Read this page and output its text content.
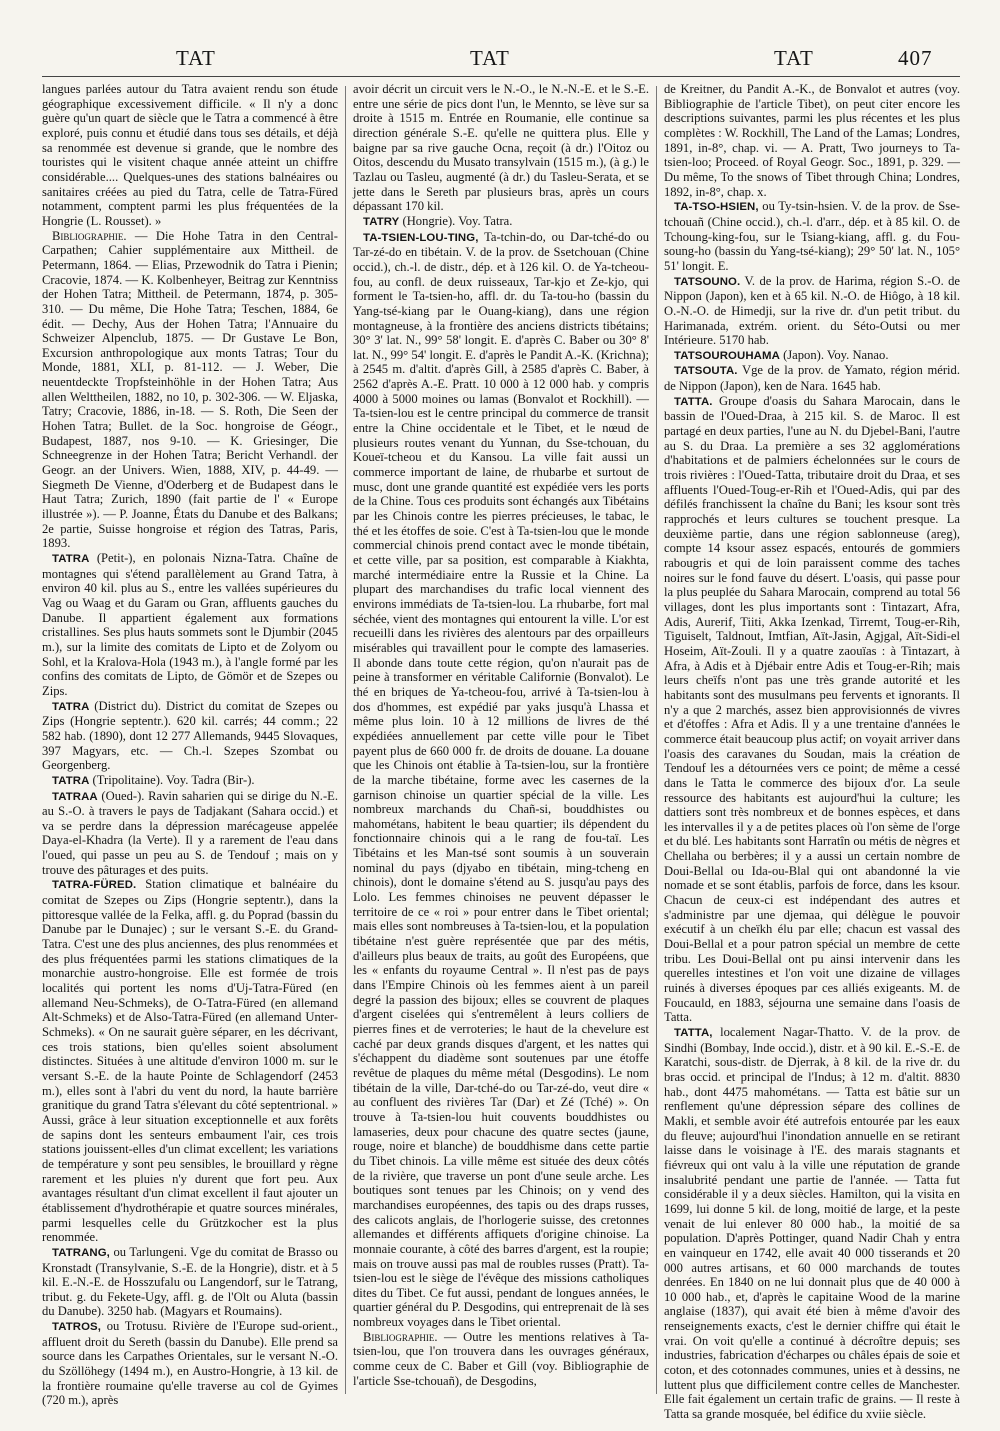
TAT	TAT	TAT	407

langues parlées autour du Tatra avaient rendu son étude géographique excessivement difficile. « Il n'y a donc guère qu'un quart de siècle que le Tatra a commencé à être exploré, puis connu et étudié dans tous ses détails, et déjà sa renommée est devenue si grande, que le nombre des touristes qui le visitent chaque année atteint un chiffre considérable.... Quelques-unes des stations balnéaires ou sanitaires créées au pied du Tatra, celle de Tatra-Füred notamment, comptent parmi les plus fréquentées de la Hongrie (L. Rousset). »

Bibliographie. — Die Hohe Tatra in den Central-Carpathen; Cahier supplémentaire aux Mittheil. de Petermann, 1864. — Elias, Przewodnik do Tatra i Pienin; Cracovie, 1874. — K. Kolbenheyer, Beitrag zur Kenntniss der Hohen Tatra; Mittheil. de Petermann, 1874, p. 305-310. — Du même, Die Hohe Tatra; Teschen, 1884, 6e édit. — Dechy, Aus der Hohen Tatra; l'Annuaire du Schweizer Alpenclub, 1875. — Dr Gustave Le Bon, Excursion anthropologique aux monts Tatras; Tour du Monde, 1881, XLI, p. 81-112. — J. Weber, Die neuentdeckte Tropfsteinhöhle in der Hohen Tatra; Aus allen Welttheilen, 1882, no 10, p. 302-306. — W. Eljaska, Tatry; Cracovie, 1886, in-18. — S. Roth, Die Seen der Hohen Tatra; Bullet. de la Soc. hongroise de Géogr., Budapest, 1887, nos 9-10. — K. Griesinger, Die Schneegrenze in der Hohen Tatra; Bericht Verhandl. der Geogr. an der Univers. Wien, 1888, XIV, p. 44-49. — Siegmeth De Vienne, d'Oderberg et de Budapest dans le Haut Tatra; Zurich, 1890 (fait partie de l' « Europe illustrée »). — P. Joanne, États du Danube et des Balkans; 2e partie, Suisse hongroise et région des Tatras, Paris, 1893.

TATRA (Petit-), en polonais Nizna-Tatra. Chaîne de montagnes qui s'étend parallèlement au Grand Tatra, à environ 40 kil. plus au S., entre les vallées supérieures du Vag ou Waag et du Garam ou Gran, affluents gauches du Danube. Il appartient également aux formations cristallines. Ses plus hauts sommets sont le Djumbir (2045 m.), sur la limite des comitats de Lipto et de Zolyom ou Sohl, et la Kralova-Hola (1943 m.), à l'angle formé par les confins des comitats de Lipto, de Gömör et de Szepes ou Zips.

TATRA (District du). District du comitat de Szepes ou Zips (Hongrie septentr.). 620 kil. carrés; 44 comm.; 22 582 hab. (1890), dont 12 277 Allemands, 9445 Slovaques, 397 Magyars, etc. — Ch.-l. Szepes Szombat ou Georgenberg.

TATRA (Tripolitaine). Voy. Tadra (Bir-).

TATRAA (Oued-). Ravin saharien qui se dirige du N.-E. au S.-O. à travers le pays de Tadjakant (Sahara occid.) et va se perdre dans la dépression marécageuse appelée Daya-el-Khadra (la Verte). Il y a rarement de l'eau dans l'oued, qui passe un peu au S. de Tendouf ; mais on y trouve des pâturages et des puits.

TATRA-FÜRED. Station climatique et balnéaire du comitat de Szepes ou Zips (Hongrie septentr.), dans la pittoresque vallée de la Felka, affl. g. du Poprad (bassin du Danube par le Dunajec) ; sur le versant S.-E. du Grand-Tatra. C'est une des plus anciennes, des plus renommées et des plus fréquentées parmi les stations climatiques de la monarchie austro-hongroise. Elle est formée de trois localités qui portent les noms d'Uj-Tatra-Füred (en allemand Neu-Schmeks), de O-Tatra-Füred (en allemand Alt-Schmeks) et de Also-Tatra-Füred (en allemand Unter-Schmeks). « On ne saurait guère séparer, en les décrivant, ces trois stations, bien qu'elles soient absolument distinctes. Situées à une altitude d'environ 1000 m. sur le versant S.-E. de la haute Pointe de Schlagendorf (2453 m.), elles sont à l'abri du vent du nord, la haute barrière granitique du grand Tatra s'élevant du côté septentrional. » Aussi, grâce à leur situation exceptionnelle et aux forêts de sapins dont les senteurs embaument l'air, ces trois stations jouissent-elles d'un climat excellent; les variations de température y sont peu sensibles, le brouillard y règne rarement et les pluies n'y durent que fort peu. Aux avantages résultant d'un climat excellent il faut ajouter un établissement d'hydrothérapie et quatre sources minérales, parmi lesquelles celle du Grützkocher est la plus renommée.

TATRANG, ou Tarlungeni. Vge du comitat de Brasso ou Kronstadt (Transylvanie, S.-E. de la Hongrie), distr. et à 5 kil. E.-N.-E. de Hosszufalu ou Langendorf, sur le Tatrang, tribut. g. du Fekete-Ugy, affl. g. de l'Olt ou Aluta (bassin du Danube). 3250 hab. (Magyars et Roumains).

TATROS, ou Trotusu. Rivière de l'Europe sud-orient., affluent droit du Sereth (bassin du Danube). Elle prend sa source dans les Carpathes Orientales, sur le versant N.-O. du Szöllöhegy (1494 m.), en Austro-Hongrie, à 13 kil. de la frontière roumaine qu'elle traverse au col de Gyimes (720 m.), après

avoir décrit un circuit vers le N.-O., le N.-N.-E. et le S.-E. entre une série de pics dont l'un, le Mennto, se lève sur sa droite à 1515 m. Entrée en Roumanie, elle continue sa direction générale S.-E. qu'elle ne quittera plus. Elle y baigne par sa rive gauche Ocna, reçoit (à dr.) l'Oitoz ou Oitos, descendu du Musato transylvain (1515 m.), (à g.) le Tazlau ou Tasleu, augmenté (à dr.) du Tasleu-Serata, et se jette dans le Sereth par plusieurs bras, après un cours dépassant 170 kil.

TATRY (Hongrie). Voy. Tatra.

TA-TSIEN-LOU-TING, Ta-tchin-do, ou Dar-tché-do ou Tar-zé-do en tibétain. V. de la prov. de Ssetchouan (Chine occid.), ch.-l. de distr., dép. et à 126 kil. O. de Ya-tcheou-fou, au confl. de deux ruisseaux, Tar-kjo et Ze-kjo, qui forment le Ta-tsien-ho, affl. dr. du Ta-tou-ho (bassin du Yang-tsé-kiang par le Ouang-kiang), dans une région montagneuse, à la frontière des anciens districts tibétains; 30° 3' lat. N., 99° 58' longit. E. d'après C. Baber ou 30° 8' lat. N., 99° 54' longit. E. d'après le Pandit A.-K. (Krichna); à 2545 m. d'altit. d'après Gill, à 2585 d'après C. Baber, à 2562 d'après A.-E. Pratt. 10 000 à 12 000 hab. y compris 4000 à 5000 moines ou lamas (Bonvalot et Rockhill). — Ta-tsien-lou est le centre principal du commerce de transit entre la Chine occidentale et le Tibet, et le nœud de plusieurs routes venant du Yunnan, du Sse-tchouan, du Koueï-tcheou et du Kansou. La ville fait aussi un commerce important de laine, de rhubarbe et surtout de musc, dont une grande quantité est expédiée vers les ports de la Chine. Tous ces produits sont échangés aux Tibétains par les Chinois contre les pierres précieuses, le tabac, le thé et les étoffes de soie. C'est à Ta-tsien-lou que le monde commercial chinois prend contact avec le monde tibétain, et cette ville, par sa position, est comparable à Kiakhta, marché intermédiaire entre la Russie et la Chine. La plupart des marchandises du trafic local viennent des environs immédiats de Ta-tsien-lou. La rhubarbe, fort mal séchée, vient des montagnes qui entourent la ville. L'or est recueilli dans les rivières des alentours par des orpailleurs misérables qui travaillent pour le compte des lamaseries. Il abonde dans toute cette région, qu'on n'aurait pas de peine à transformer en véritable Californie (Bonvalot). Le thé en briques de Ya-tcheou-fou, arrivé à Ta-tsien-lou à dos d'hommes, est expédié par yaks jusqu'à Lhassa et même plus loin. 10 à 12 millions de livres de thé expédiées annuellement par cette ville pour le Tibet payent plus de 660 000 fr. de droits de douane. La douane que les Chinois ont établie à Ta-tsien-lou, sur la frontière de la marche tibétaine, forme avec les casernes de la garnison chinoise un quartier spécial de la ville. Les nombreux marchands du Chañ-si, bouddhistes ou mahométans, habitent le beau quartier; ils dépendent du fonctionnaire chinois qui a le rang de fou-taï. Les Tibétains et les Man-tsé sont soumis à un souverain nominal du pays (djyabo en tibétain, ming-tcheng en chinois), dont le domaine s'étend au S. jusqu'au pays des Lolo. Les femmes chinoises ne peuvent dépasser le territoire de ce « roi » pour entrer dans le Tibet oriental; mais elles sont nombreuses à Ta-tsien-lou, et la population tibétaine n'est guère représentée que par des métis, d'ailleurs plus beaux de traits, au goût des Européens, que les « enfants du royaume Central ». Il n'est pas de pays dans l'Empire Chinois où les femmes aient à un pareil degré la passion des bijoux; elles se couvrent de plaques d'argent ciselées qui s'entremêlent à leurs colliers de pierres fines et de verroteries; le haut de la chevelure est caché par deux grands disques d'argent, et les nattes qui s'échappent du diadème sont soutenues par une étoffe revêtue de plaques du même métal (Desgodins). Le nom tibétain de la ville, Dar-tché-do ou Tar-zé-do, veut dire « au confluent des rivières Tar (Dar) et Zé (Tché) ». On trouve à Ta-tsien-lou huit couvents bouddhistes ou lamaseries, deux pour chacune des quatre sectes (jaune, rouge, noire et blanche) de bouddhisme dans cette partie du Tibet chinois. La ville même est située des deux côtés de la rivière, que traverse un pont d'une seule arche. Les boutiques sont tenues par les Chinois; on y vend des marchandises européennes, des tapis ou des draps russes, des calicots anglais, de l'horlogerie suisse, des cretonnes allemandes et différents affiquets d'origine chinoise. La monnaie courante, à côté des barres d'argent, est la roupie; mais on trouve aussi pas mal de roubles russes (Pratt). Ta-tsien-lou est le siège de l'évêque des missions catholiques dites du Tibet. Ce fut aussi, pendant de longues années, le quartier général du P. Desgodins, qui entreprenait de là ses nombreux voyages dans le Tibet oriental.

Bibliographie. — Outre les mentions relatives à Ta-tsien-lou, que l'on trouvera dans les ouvrages généraux, comme ceux de C. Baber et Gill (voy. Bibliographie de l'article Sse-tchouañ), de Desgodins,

de Kreitner, du Pandit A.-K., de Bonvalot et autres (voy. Bibliographie de l'article Tibet), on peut citer encore les descriptions suivantes, parmi les plus récentes et les plus complètes : W. Rockhill, The Land of the Lamas; Londres, 1891, in-8°, chap. vi. — A. Pratt, Two journeys to Ta-tsien-loo; Proceed. of Royal Geogr. Soc., 1891, p. 329. — Du même, To the snows of Tibet through China; Londres, 1892, in-8°, chap. x.

TA-TSO-HSIEN, ou Ty-tsin-hsien. V. de la prov. de Sse-tchouañ (Chine occid.), ch.-l. d'arr., dép. et à 85 kil. O. de Tchoung-king-fou, sur le Tsiang-kiang, affl. g. du Fou-soung-ho (bassin du Yang-tsé-kiang); 29° 50' lat. N., 105° 51' longit. E.

TATSOUNO. V. de la prov. de Harima, région S.-O. de Nippon (Japon), ken et à 65 kil. N.-O. de Hiôgo, à 18 kil. O.-N.-O. de Himedji, sur la rive dr. d'un petit tribut. du Harimanada, extrém. orient. du Séto-Outsi ou mer Intérieure. 5170 hab.

TATSOUROUHAMA (Japon). Voy. Nanao.

TATSOUTA. Vge de la prov. de Yamato, région mérid. de Nippon (Japon), ken de Nara. 1645 hab.

TATTA. Groupe d'oasis du Sahara Marocain, dans le bassin de l'Oued-Draa, à 215 kil. S. de Maroc. Il est partagé en deux parties, l'une au N. du Djebel-Bani, l'autre au S. du Draa. La première a ses 32 agglomérations d'habitations et de palmiers échelonnées sur le cours de trois rivières : l'Oued-Tatta, tributaire droit du Draa, et ses affluents l'Oued-Toug-er-Rih et l'Oued-Adis, qui par des défilés franchissent la chaîne du Bani; les ksour sont très rapprochés et leurs cultures se touchent presque. La deuxième partie, dans une région sablonneuse (areg), compte 14 ksour assez espacés, entourés de gommiers rabougris et qui de loin paraissent comme des taches noires sur le fond fauve du désert. L'oasis, qui passe pour la plus peuplée du Sahara Marocain, comprend au total 56 villages, dont les plus importants sont : Tintazart, Afra, Adis, Aurerif, Tiiti, Akka Izenkad, Tirremt, Toug-er-Rih, Tiguiselt, Taldnout, Imtfian, Aït-Jasin, Agjgal, Aït-Sidi-el Hoseim, Aït-Zouli. Il y a quatre zaouïas : à Tintazart, à Afra, à Adis et à Djébair entre Adis et Toug-er-Rih; mais leurs cheïfs n'ont pas une très grande autorité et les habitants sont des musulmans peu fervents et ignorants. Il n'y a que 2 marchés, assez bien approvisionnés de vivres et d'étoffes : Afra et Adis. Il y a une trentaine d'années le commerce était beaucoup plus actif; on voyait arriver dans l'oasis des caravanes du Soudan, mais la création de Tendouf les a détournées vers ce point; de même a cessé dans le Tatta le commerce des bijoux d'or. La seule ressource des habitants est aujourd'hui la culture; les dattiers sont très nombreux et de bonnes espèces, et dans les intervalles il y a de petites places où l'on sème de l'orge et du blé. Les habitants sont Harratîn ou métis de nègres et Chellaha ou berbères; il y a aussi un certain nombre de Doui-Bellal ou Ida-ou-Blal qui ont abandonné la vie nomade et se sont établis, parfois de force, dans les ksour. Chacun de ceux-ci est indépendant des autres et s'administre par une djemaa, qui délègue le pouvoir exécutif à un cheïkh élu par elle; chacun est vassal des Doui-Bellal et a pour patron spécial un membre de cette tribu. Les Doui-Bellal ont pu ainsi intervenir dans les querelles intestines et l'on voit une dizaine de villages ruinés à diverses époques par ces alliés exigeants. M. de Foucauld, en 1883, séjourna une semaine dans l'oasis de Tatta.

TATTA, localement Nagar-Thatto. V. de la prov. de Sindhi (Bombay, Inde occid.), distr. et à 90 kil. E.-S.-E. de Karatchi, sous-distr. de Djerrak, à 8 kil. de la rive dr. du bras occid. et principal de l'Indus; à 12 m. d'altit. 8830 hab., dont 4475 mahométans. — Tatta est bâtie sur un renflement qu'une dépression sépare des collines de Makli, et semble avoir été autrefois entourée par les eaux du fleuve; aujourd'hui l'inondation annuelle en se retirant laisse dans le voisinage à l'E. des marais stagnants et fiévreux qui ont valu à la ville une réputation de grande insalubrité pendant une partie de l'année. — Tatta fut considérable il y a deux siècles. Hamilton, qui la visita en 1699, lui donne 5 kil. de long, moitié de large, et la peste venait de lui enlever 80 000 hab., la moitié de sa population. D'après Pottinger, quand Nadir Chah y entra en vainqueur en 1742, elle avait 40 000 tisserands et 20 000 autres artisans, et 60 000 marchands de toutes denrées. En 1840 on ne lui donnait plus que de 40 000 à 10 000 hab., et, d'après le capitaine Wood de la marine anglaise (1837), qui avait été bien à même d'avoir des renseignements exacts, c'est le dernier chiffre qui était le vrai. On voit qu'elle a continué à décroître depuis; ses industries, fabrication d'écharpes ou châles épais de soie et coton, et des cotonnades communes, unies et à dessins, ne luttent plus que difficilement contre celles de Manchester. Elle fait également un certain trafic de grains. — Il reste à Tatta sa grande mosquée, bel édifice du xviie siècle.
